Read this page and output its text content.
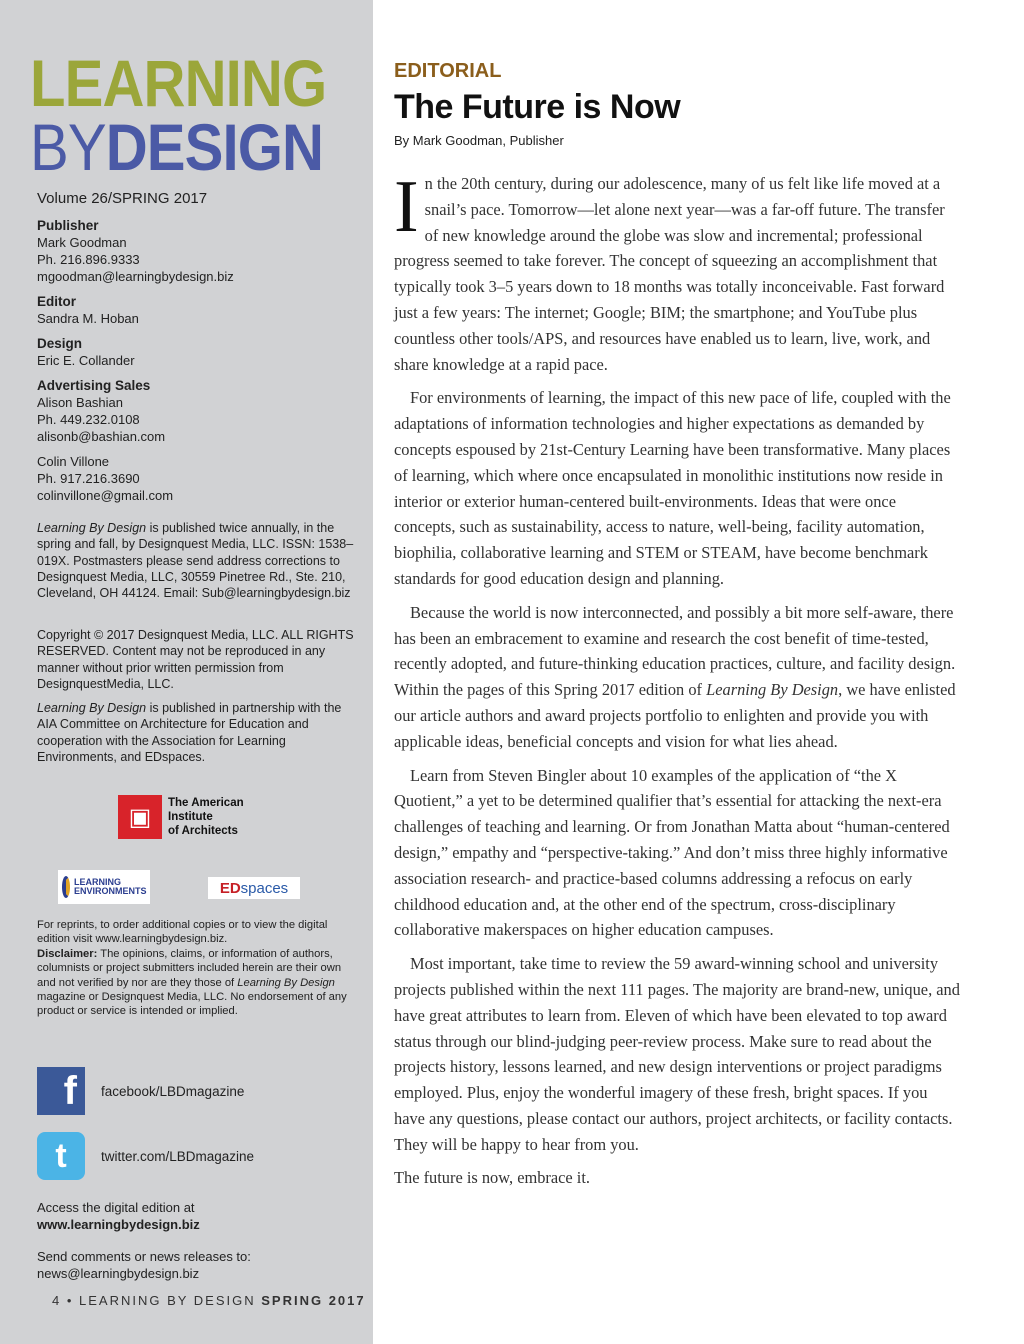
LEARNING
BYDESIGN
Volume 26/SPRING 2017
Publisher
Mark Goodman
Ph. 216.896.9333
mgoodman@learningbydesign.biz
Editor
Sandra M. Hoban
Design
Eric E. Collander
Advertising Sales
Alison Bashian
Ph. 449.232.0108
alisonb@bashian.com
Colin Villone
Ph. 917.216.3690
colinvillone@gmail.com
Learning By Design is published twice annually, in the spring and fall, by Designquest Media, LLC. ISSN: 1538–019X. Postmasters please send address corrections to Designquest Media, LLC, 30559 Pinetree Rd., Ste. 210, Cleveland, OH 44124. Email: Sub@learningbydesign.biz
Copyright © 2017 Designquest Media, LLC. ALL RIGHTS RESERVED. Content may not be reproduced in any manner without prior written permission from DesignquestMedia, LLC.
Learning By Design is published in partnership with the AIA Committee on Architecture for Education and cooperation with the Association for Learning Environments, and EDspaces.
▣
The American
Institute
of Architects
LEARNING
ENVIRONMENTS	ED spaces
For reprints, to order additional copies or to view the digital edition visit www.learningbydesign.biz.
Disclaimer: The opinions, claims, or information of authors, columnists or project submitters included herein are their own and not verified by nor are they those of Learning By Design magazine or Designquest Media, LLC. No endorsement of any product or service is intended or implied.
f	facebook/LBDmagazine
t	twitter.com/LBDmagazine
Access the digital edition at
www.learningbydesign.biz
Send comments or news releases to:
news@learningbydesign.biz
4 • LEARNING BY DESIGN SPRING 2017
EDITORIAL
The Future is Now
By Mark Goodman, Publisher

In the 20th century, during our adolescence, many of us felt like life moved at a snail’s pace. Tomorrow—let alone next year—was a far-off future. The transfer of new knowledge around the globe was slow and incremental; professional progress seemed to take forever. The concept of squeezing an accomplishment that typically took 3–5 years down to 18 months was totally inconceivable. Fast forward just a few years: The internet; Google; BIM; the smartphone; and YouTube plus countless other tools/APS, and resources have enabled us to learn, live, work, and share knowledge at a rapid pace.

For environments of learning, the impact of this new pace of life, coupled with the adaptations of information technologies and higher expectations as demanded by concepts espoused by 21st-Century Learning have been transformative. Many places of learning, which where once encapsulated in monolithic institutions now reside in interior or exterior human-centered built-environments. Ideas that were once concepts, such as sustainability, access to nature, well-being, facility automation, biophilia, collaborative learning and STEM or STEAM, have become benchmark standards for good education design and planning.

Because the world is now interconnected, and possibly a bit more self-aware, there has been an embracement to examine and research the cost benefit of time-tested, recently adopted, and future-thinking education practices, culture, and facility design. Within the pages of this Spring 2017 edition of Learning By Design, we have enlisted our article authors and award projects portfolio to enlighten and provide you with applicable ideas, beneficial concepts and vision for what lies ahead.

Learn from Steven Bingler about 10 examples of the application of “the X Quotient,” a yet to be determined qualifier that’s essential for attacking the next-era challenges of teaching and learning. Or from Jonathan Matta about “human-centered design,” empathy and “perspective-taking.” And don’t miss three highly informative association research- and practice-based columns addressing a refocus on early childhood education and, at the other end of the spectrum, cross-disciplinary collaborative makerspaces on higher education campuses.

Most important, take time to review the 59 award-winning school and university projects published within the next 111 pages. The majority are brand-new, unique, and have great attributes to learn from. Eleven of which have been elevated to top award status through our blind-judging peer-review process. Make sure to read about the projects history, lessons learned, and new design interventions or project paradigms employed. Plus, enjoy the wonderful imagery of these fresh, bright spaces. If you have any questions, please contact our authors, project architects, or facility contacts. They will be happy to hear from you.

The future is now, embrace it.
